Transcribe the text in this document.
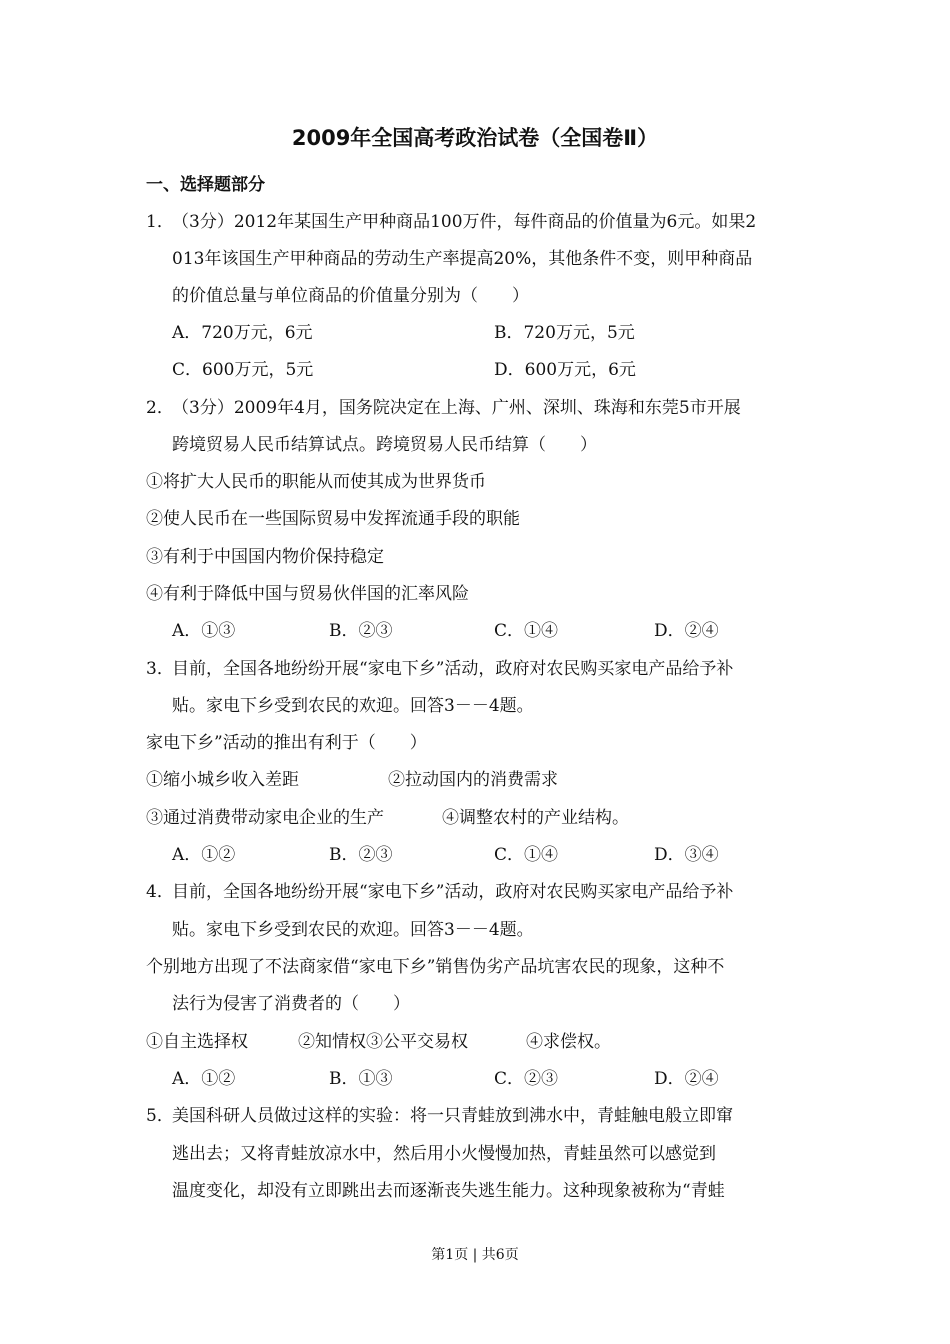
2009年全国高考政治试卷（全国卷Ⅱ）
一、选择题部分
1．（3分）2012年某国生产甲种商品100万件，每件商品的价值量为6元。如果2
013年该国生产甲种商品的劳动生产率提高20%，其他条件不变，则甲种商品
的价值总量与单位商品的价值量分别为（　　）
A．720万元，6元	B．720万元，5元
C．600万元，5元	D．600万元，6元
2．（3分）2009年4月，国务院决定在上海、广州、深圳、珠海和东莞5市开展
跨境贸易人民币结算试点。跨境贸易人民币结算（　　）
①将扩大人民币的职能从而使其成为世界货币
②使人民币在一些国际贸易中发挥流通手段的职能
③有利于中国国内物价保持稳定
④有利于降低中国与贸易伙伴国的汇率风险
A．①③	B．②③	C．①④	D．②④
3．目前，全国各地纷纷开展“家电下乡”活动，政府对农民购买家电产品给予补
贴。家电下乡受到农民的欢迎。回答3－－4题。
家电下乡”活动的推出有利于（　　）
①缩小城乡收入差距	②拉动国内的消费需求
③通过消费带动家电企业的生产	④调整农村的产业结构。
A．①②	B．②③	C．①④	D．③④
4．目前，全国各地纷纷开展“家电下乡”活动，政府对农民购买家电产品给予补
贴。家电下乡受到农民的欢迎。回答3－－4题。
个别地方出现了不法商家借“家电下乡”销售伪劣产品坑害农民的现象，这种不
法行为侵害了消费者的（　　）
①自主选择权	②知情权③公平交易权	④求偿权。
A．①②	B．①③	C．②③	D．②④
5．美国科研人员做过这样的实验：将一只青蛙放到沸水中，青蛙触电般立即窜
逃出去；又将青蛙放凉水中，然后用小火慢慢加热，青蛙虽然可以感觉到
温度变化，却没有立即跳出去而逐渐丧失逃生能力。这种现象被称为“青蛙
第1页 | 共6页
